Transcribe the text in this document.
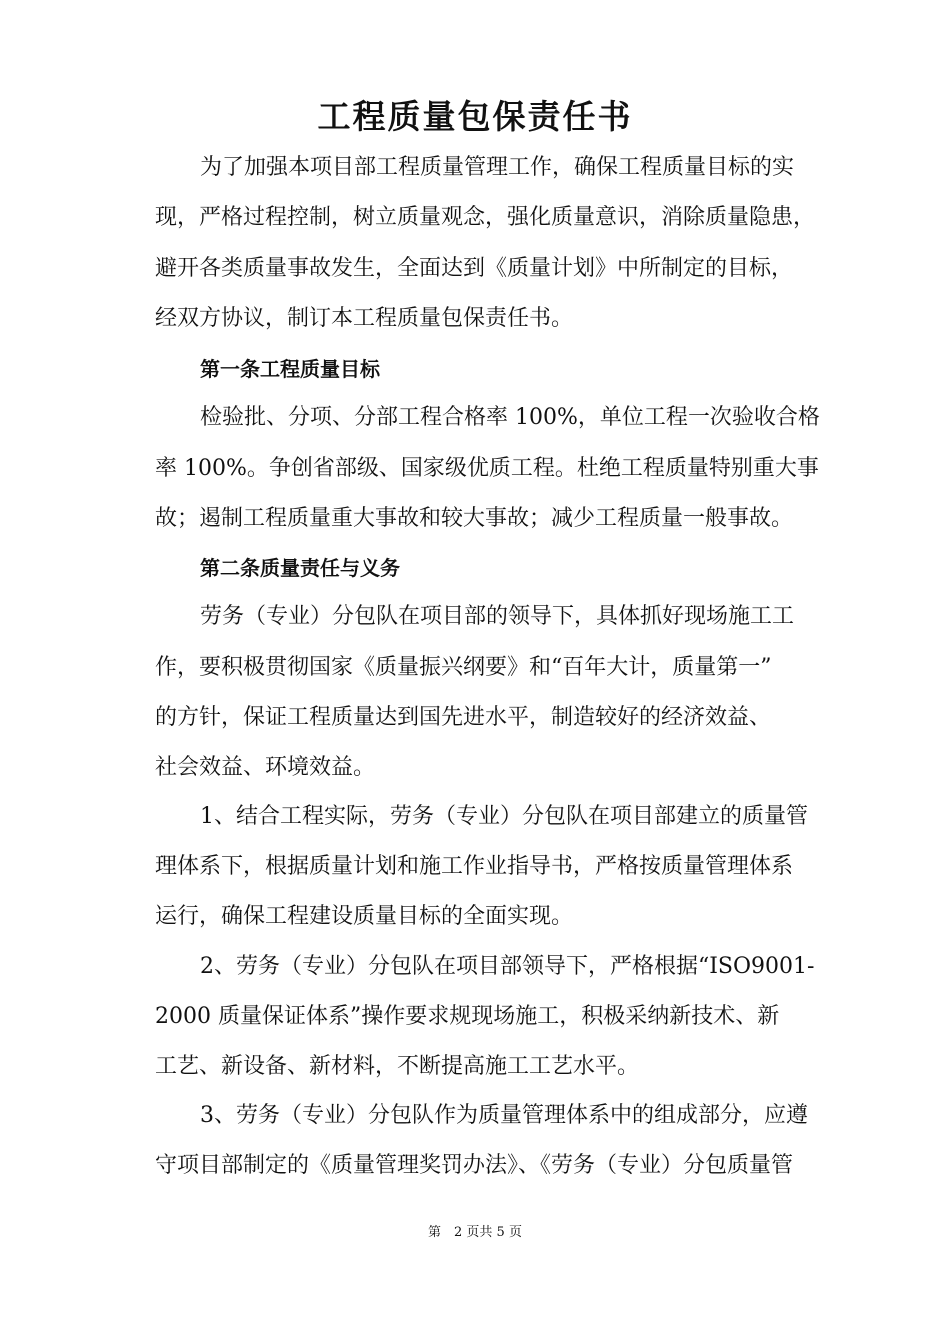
工程质量包保责任书
为了加强本项目部工程质量管理工作，确保工程质量目标的实
现，严格过程控制，树立质量观念，强化质量意识，消除质量隐患，
避开各类质量事故发生，全面达到《质量计划》中所制定的目标，
经双方协议，制订本工程质量包保责任书。
第一条工程质量目标
检验批、分项、分部工程合格率 100%，单位工程一次验收合格
率 100%。争创省部级、国家级优质工程。杜绝工程质量特别重大事
故；遏制工程质量重大事故和较大事故；减少工程质量一般事故。
第二条质量责任与义务
劳务（专业）分包队在项目部的领导下，具体抓好现场施工工
作，要积极贯彻国家《质量振兴纲要》和“百年大计，质量第一”
的方针，保证工程质量达到国先进水平，制造较好的经济效益、
社会效益、环境效益。
1、结合工程实际，劳务（专业）分包队在项目部建立的质量管
理体系下，根据质量计划和施工作业指导书，严格按质量管理体系
运行，确保工程建设质量目标的全面实现。
2、劳务（专业）分包队在项目部领导下，严格根据“ISO9001-
2000 质量保证体系”操作要求规现场施工，积极采纳新技术、新
工艺、新设备、新材料，不断提高施工工艺水平。
3、劳务（专业）分包队作为质量管理体系中的组成部分，应遵
守项目部制定的《质量管理奖罚办法》、《劳务（专业）分包质量管
第　2 页共 5 页
